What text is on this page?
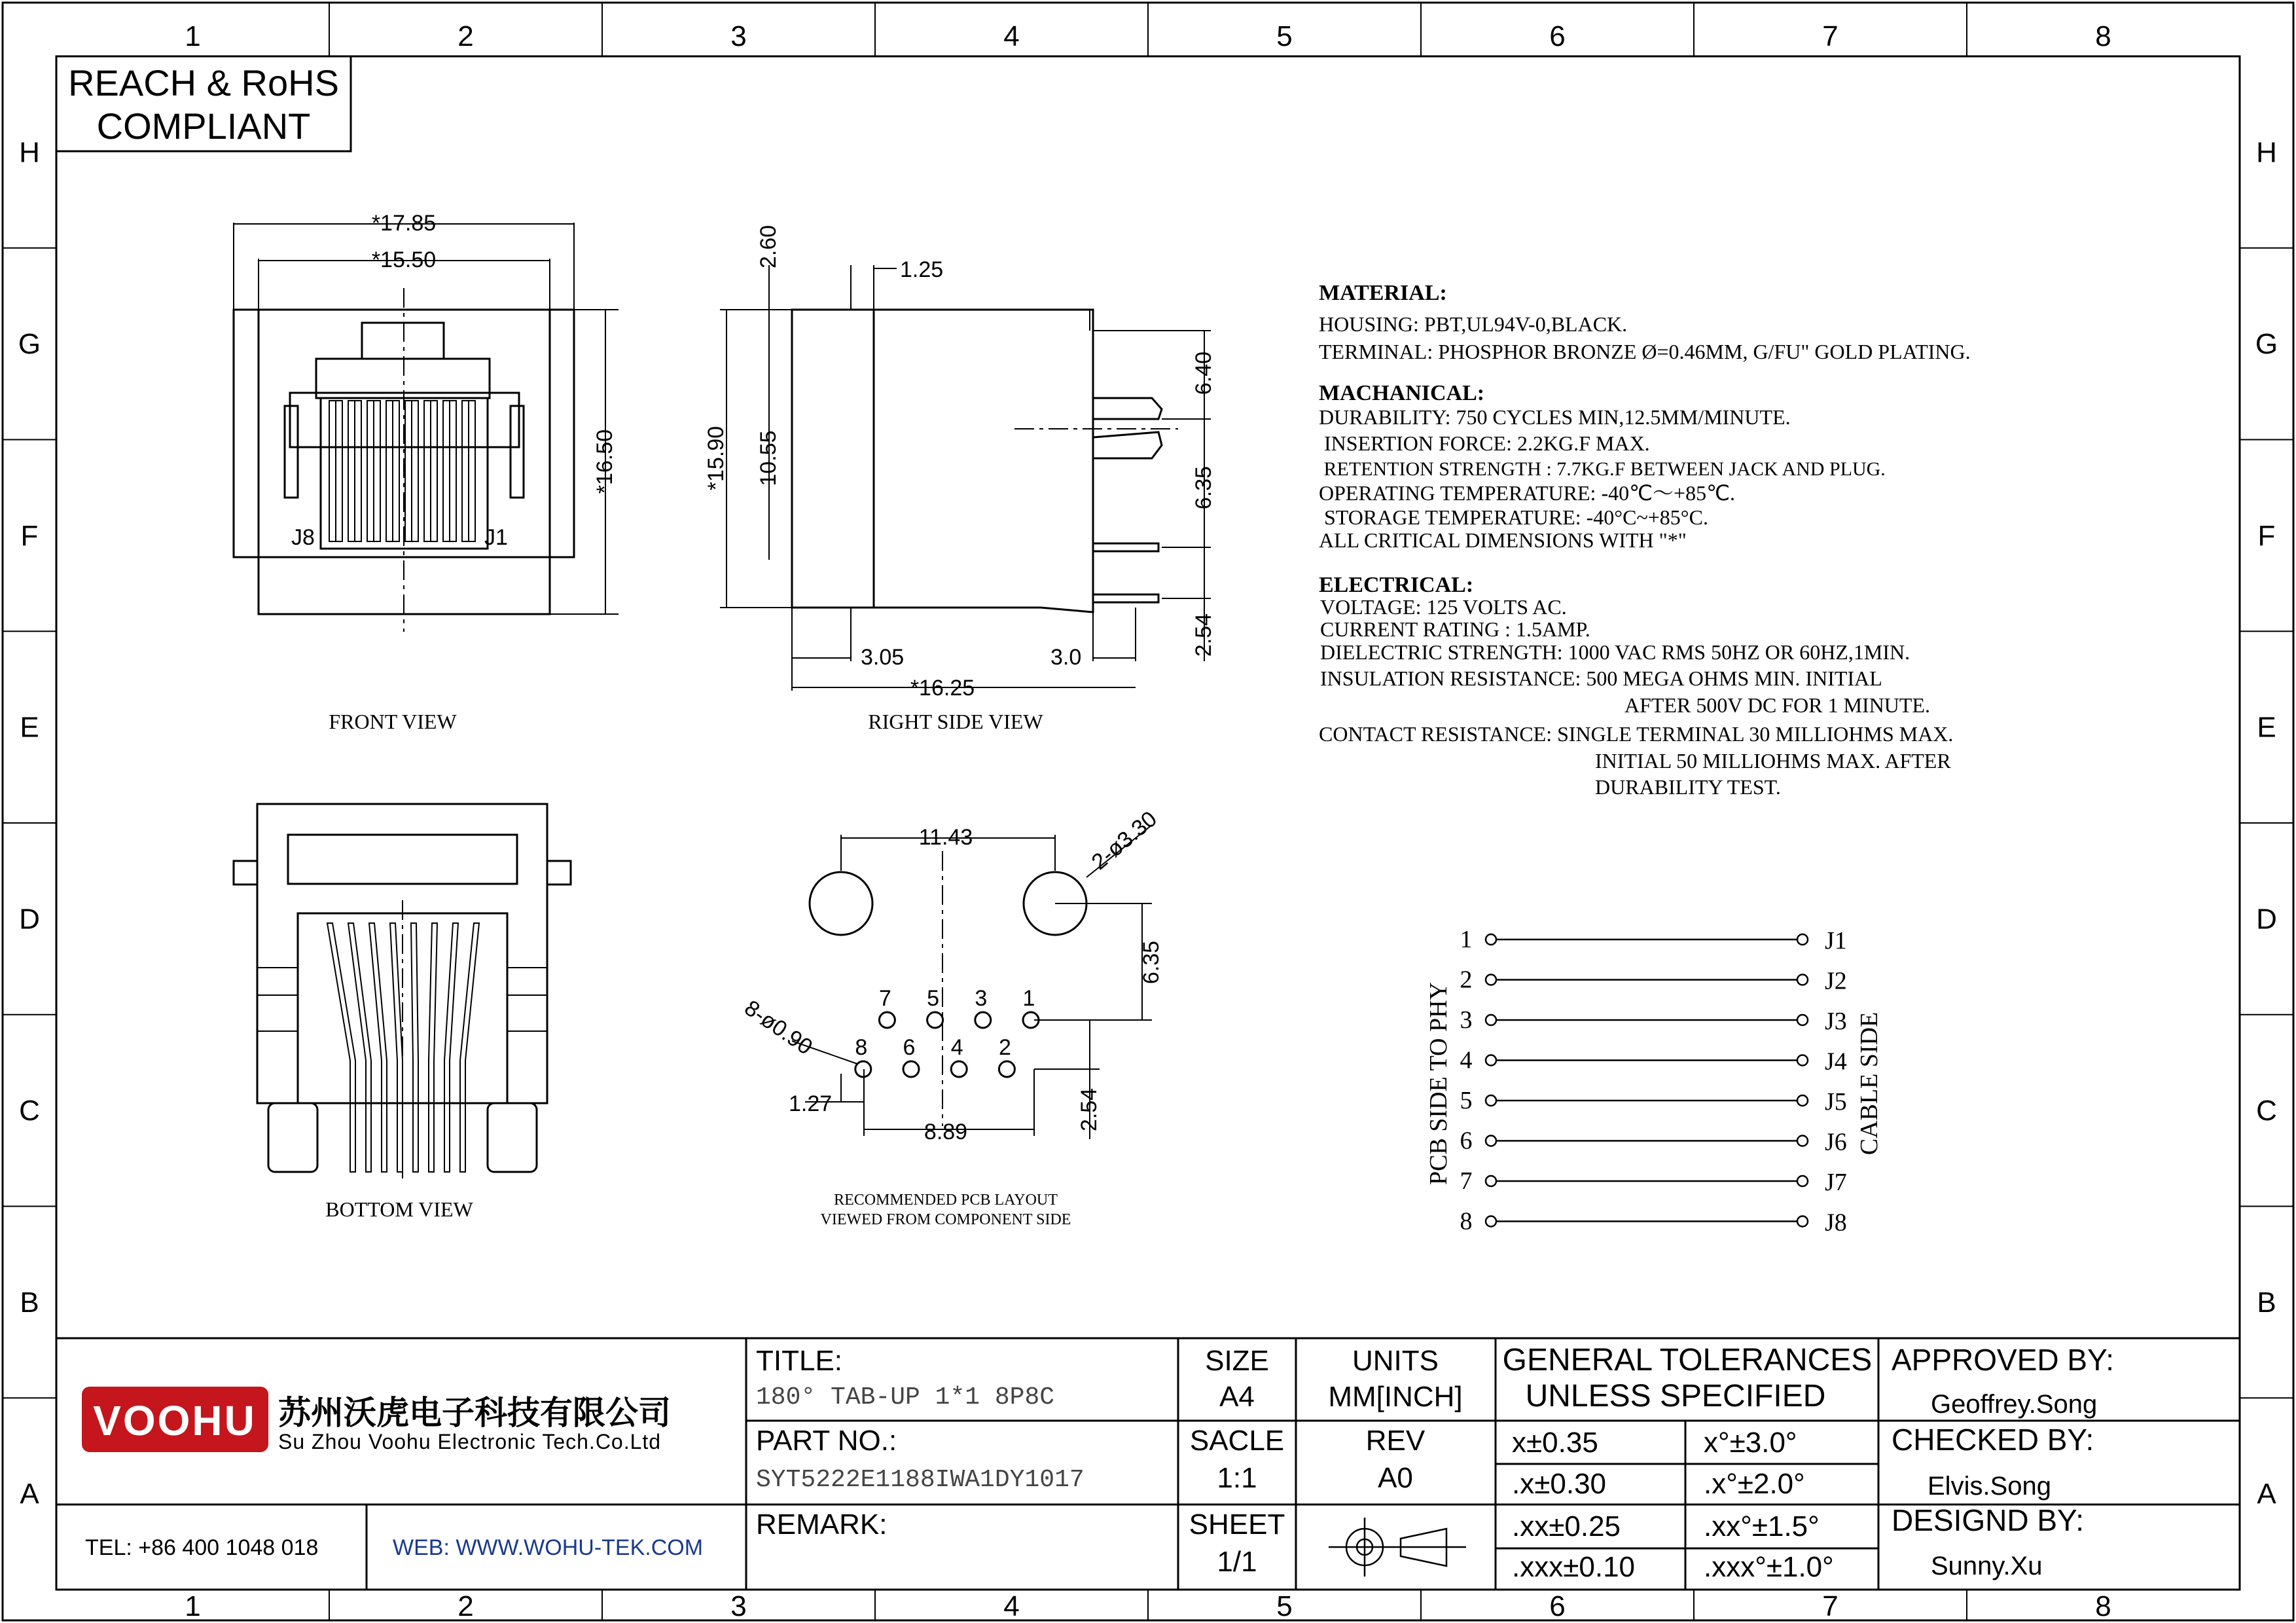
1
1
2
2
3
3
4
4
5
5
6
6
7
7
8
8
H	H
G	G
F	F
E	E
D	D
C	C
B	B
A	A
REACH & RoHS
COMPLIANT
*17.85
*15.50
*16.50
J8	J1
FRONT VIEW
2.60
1.25
*15.90 10.55
6.40
6.35
2.54
3.05	3.0
*16.25
RIGHT SIDE VIEW
BOTTOM VIEW
1
2
3
4
5
6
7
8
11.43	2-ø3.30
6.35
8-ø0.90
1.27
8.89
2.54
RECOMMENDED PCB LAYOUT
VIEWED FROM COMPONENT SIDE
MATERIAL:
HOUSING: PBT,UL94V-0,BLACK.
TERMINAL: PHOSPHOR BRONZE Ø=0.46MM, G/FU" GOLD PLATING.
MACHANICAL:
DURABILITY: 750 CYCLES MIN,12.5MM/MINUTE.
INSERTION FORCE: 2.2KG.F MAX.
RETENTION STRENGTH : 7.7KG.F BETWEEN JACK AND PLUG.
OPERATING TEMPERATURE: -40℃～+85℃.
STORAGE TEMPERATURE: -40°C~+85°C.
ALL CRITICAL DIMENSIONS WITH "*"
ELECTRICAL:
VOLTAGE: 125 VOLTS AC.
CURRENT RATING : 1.5AMP.
DIELECTRIC STRENGTH: 1000 VAC RMS 50HZ OR 60HZ,1MIN.
INSULATION RESISTANCE: 500 MEGA OHMS MIN. INITIAL
AFTER 500V DC FOR 1 MINUTE.
CONTACT RESISTANCE: SINGLE TERMINAL 30 MILLIOHMS MAX.
INITIAL 50 MILLIOHMS MAX. AFTER
DURABILITY TEST.
1	J1
2	J2
3	J3
4	J4
5	J5
6	J6
7	J7
8	J8
PCB SIDE TO PHY	CABLE SIDE
VOOHU 苏州沃虎电子科技有限公司
Su Zhou Voohu Electronic Tech.Co.Ltd
TEL: +86 400 1048 018	WEB: WWW.WOHU-TEK.COM
TITLE:
180° TAB-UP 1*1 8P8C
PART NO.:
SYT5222E1188IWA1DY1017
REMARK:
SIZE
A4
UNITS
MM[INCH]
SACLE
1:1
REV
A0
SHEET
1/1
GENERAL TOLERANCES
UNLESS SPECIFIED
x±0.35	x°±3.0°
.x±0.30	.x°±2.0°
.xx±0.25	.xx°±1.5°
.xxx±0.10 .xxx°±1.0°
APPROVED BY:
Geoffrey.Song
CHECKED BY:
Elvis.Song
DESIGND BY:
Sunny.Xu
